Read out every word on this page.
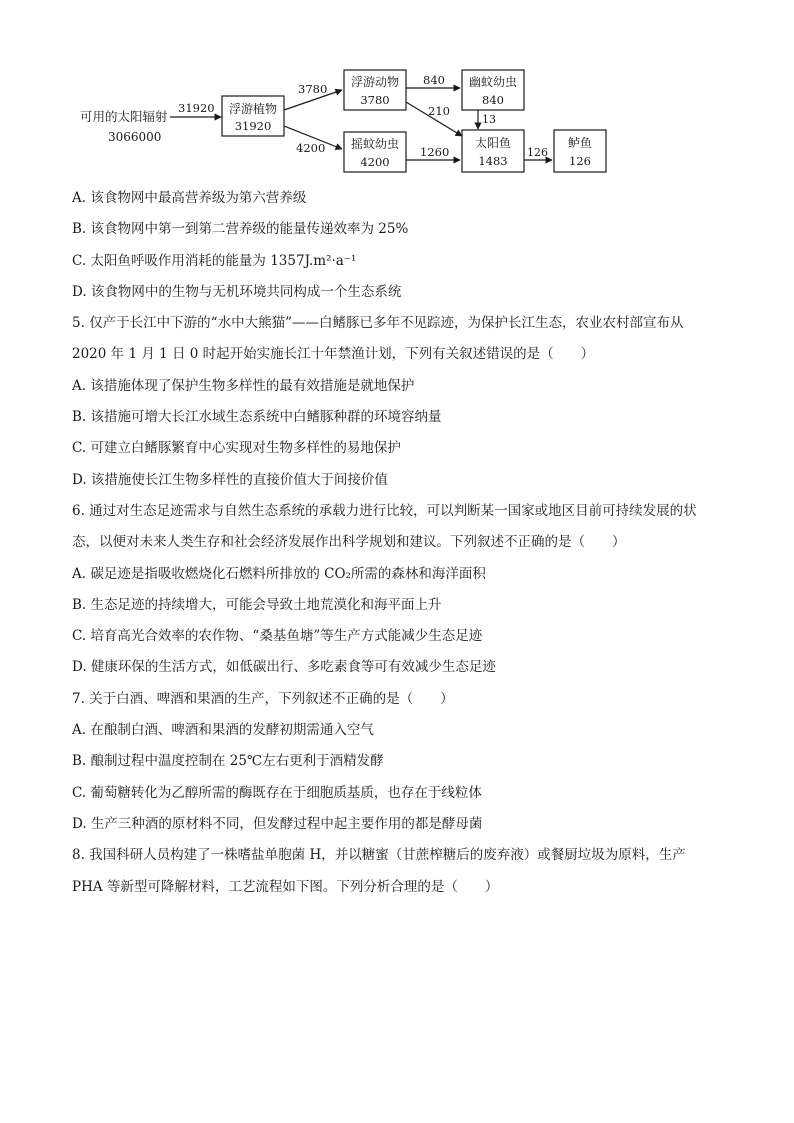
可用的太阳辐射
3066000
31920 浮游植物
31920
3780
4200
浮游动物
3780
摇蚊幼虫
4200
840
210
幽蚊幼虫
840
13
1260
太阳鱼
1483
126
鲈鱼
126
A. 该食物网中最高营养级为第六营养级
B. 该食物网中第一到第二营养级的能量传递效率为 25%
C. 太阳鱼呼吸作用消耗的能量为 1357J.m²·a⁻¹
D. 该食物网中的生物与无机环境共同构成一个生态系统
5. 仅产于长江中下游的“水中大熊猫”——白鳍豚已多年不见踪迹，为保护长江生态，农业农村部宣布从
2020 年 1 月 1 日 0 时起开始实施长江十年禁渔计划，下列有关叙述错误的是（　　）
A. 该措施体现了保护生物多样性的最有效措施是就地保护
B. 该措施可增大长江水域生态系统中白鳍豚种群的环境容纳量
C. 可建立白鳍豚繁育中心实现对生物多样性的易地保护
D. 该措施使长江生物多样性的直接价值大于间接价值
6. 通过对生态足迹需求与自然生态系统的承载力进行比较，可以判断某一国家或地区目前可持续发展的状
态，以便对未来人类生存和社会经济发展作出科学规划和建议。下列叙述不正确的是（　　）
A. 碳足迹是指吸收燃烧化石燃料所排放的 CO₂所需的森林和海洋面积
B. 生态足迹的持续增大，可能会导致土地荒漠化和海平面上升
C. 培育高光合效率的农作物、“桑基鱼塘”等生产方式能减少生态足迹
D. 健康环保的生活方式，如低碳出行、多吃素食等可有效减少生态足迹
7. 关于白酒、啤酒和果酒的生产，下列叙述不正确的是（　　）
A. 在酿制白酒、啤酒和果酒的发酵初期需通入空气
B. 酿制过程中温度控制在 25℃左右更利于酒精发酵
C. 葡萄糖转化为乙醇所需的酶既存在于细胞质基质，也存在于线粒体
D. 生产三种酒的原材料不同，但发酵过程中起主要作用的都是酵母菌
8. 我国科研人员构建了一株嗜盐单胞菌 H，并以糖蜜（甘蔗榨糖后的废弃液）或餐厨垃圾为原料，生产
PHA 等新型可降解材料，工艺流程如下图。下列分析合理的是（　　）
